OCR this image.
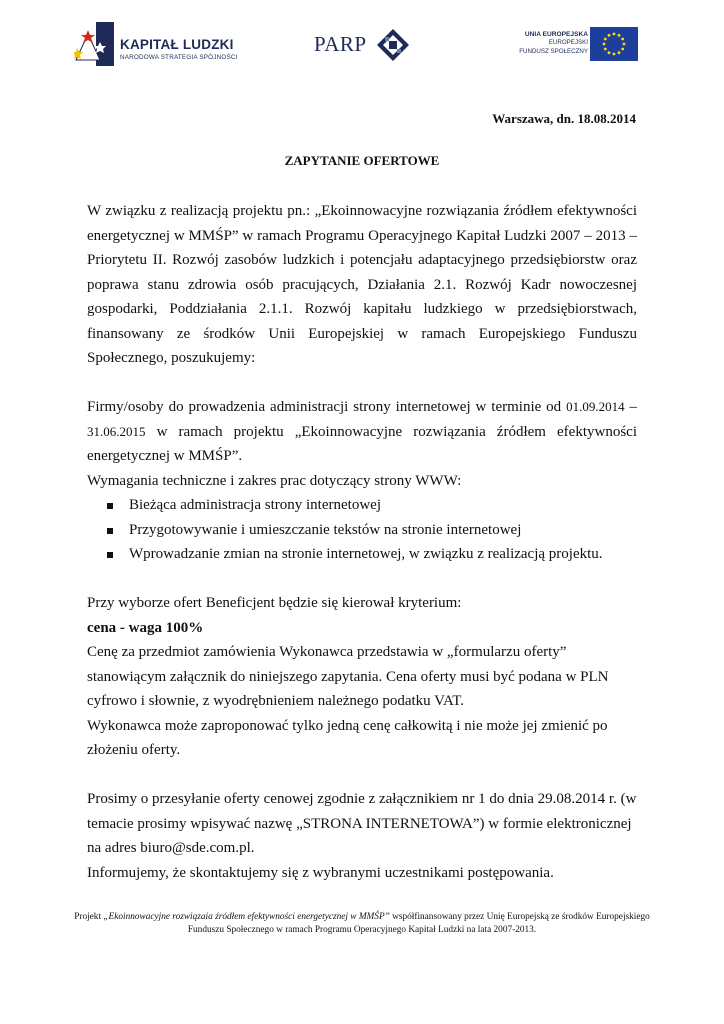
KAPITAŁ LUDZKI
NARODOWA STRATEGIA SPÓJNOŚCI
PARP	UNIA EUROPEJSKA
EUROPEJSKI
FUNDUSZ SPOŁECZNY
Warszawa, dn. 18.08.2014
ZAPYTANIE OFERTOWE

W związku z realizacją projektu pn.: „Ekoinnowacyjne rozwiązania źródłem efektywności energetycznej w MMŚP” w ramach Programu Operacyjnego Kapitał Ludzki 2007 – 2013 – Priorytetu II. Rozwój zasobów ludzkich i potencjału adaptacyjnego przedsiębiorstw oraz poprawa stanu zdrowia osób pracujących, Działania 2.1. Rozwój Kadr nowoczesnej gospodarki, Poddziałania 2.1.1. Rozwój kapitału ludzkiego w przedsiębiorstwach, finansowany ze środków Unii Europejskiej w ramach Europejskiego Funduszu Społecznego, poszukujemy:

Firmy/osoby do prowadzenia administracji strony internetowej w terminie od 01.09.2014 – 31.06.2015 w ramach projektu „Ekoinnowacyjne rozwiązania źródłem efektywności energetycznej w MMŚP”.

Wymagania techniczne i zakres prac dotyczący strony WWW:

Bieżąca administracja strony internetowej
Przygotowywanie i umieszczanie tekstów na stronie internetowej
Wprowadzanie zmian na stronie internetowej, w związku z realizacją projektu.

Przy wyborze ofert Beneficjent będzie się kierował kryterium:

cena - waga 100%

Cenę za przedmiot zamówienia Wykonawca przedstawia w „formularzu oferty” stanowiącym załącznik do niniejszego zapytania. Cena oferty musi być podana w PLN cyfrowo i słownie, z wyodrębnieniem należnego podatku VAT.

Wykonawca może zaproponować tylko jedną cenę całkowitą i nie może jej zmienić po złożeniu oferty.

Prosimy o przesyłanie oferty cenowej zgodnie z załącznikiem nr 1 do dnia 29.08.2014 r. (w temacie prosimy wpisywać nazwę „STRONA INTERNETOWA”) w formie elektronicznej na adres biuro@sde.com.pl.

Informujemy, że skontaktujemy się z wybranymi uczestnikami postępowania.

Projekt „Ekoinnowacyjne rozwiązaia źródłem efektywności energetycznej w MMŚP” współfinansowany przez Unię Europejską ze środków Europejskiego Funduszu Społecznego w ramach Programu Operacyjnego Kapitał Ludzki na lata 2007-2013.
